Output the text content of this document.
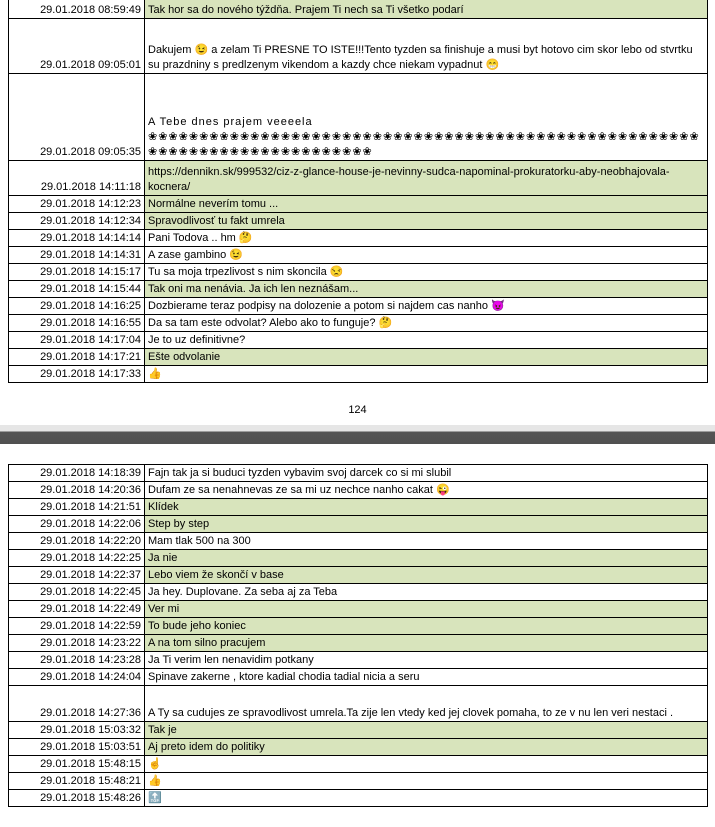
29.01.2018 08:59:49	Tak hor sa do nového týždňa. Prajem Ti nech sa Ti všetko podarí
29.01.2018 09:05:01	Dakujem 😉 a zelam Ti PRESNE TO ISTE!!!Tento tyzden sa finishuje a musi byt hotovo cim skor lebo od stvrtku su prazdniny s predlzenym vikendom a kazdy chce niekam vypadnut 😁
29.01.2018 09:05:35	A Tebe dnes prajem veeeela ❀❀❀❀❀❀❀❀❀❀❀❀❀❀❀❀❀❀❀❀❀❀❀❀❀❀❀❀❀❀❀❀❀❀❀❀❀❀❀❀❀❀❀❀❀❀❀❀❀❀❀❀❀❀❀❀❀❀❀❀❀❀❀❀❀❀❀❀❀❀❀❀❀❀❀❀
29.01.2018 14:11:18	https://dennikn.sk/999532/ciz-z-glance-house-je-nevinny-sudca-napominal-prokuratorku-aby-neobhajovala-kocnera/
29.01.2018 14:12:23	Normálne neverím tomu ...
29.01.2018 14:12:34	Spravodlivosť tu fakt umrela
29.01.2018 14:14:14	Pani Todova .. hm 🤔
29.01.2018 14:14:31	A zase gambino 😉
29.01.2018 14:15:17	Tu sa moja trpezlivost s nim skoncila 😒
29.01.2018 14:15:44	Tak oni ma nenávia. Ja ich len neznášam...
29.01.2018 14:16:25	Dozbierame teraz podpisy na dolozenie a potom si najdem cas nanho 😈
29.01.2018 14:16:55	Da sa tam este odvolat? Alebo ako to funguje? 🤔
29.01.2018 14:17:04	Je to uz definitivne?
29.01.2018 14:17:21	Ešte odvolanie
29.01.2018 14:17:33	👍
124
29.01.2018 14:18:39	Fajn tak ja si buduci tyzden vybavim svoj darcek co si mi slubil
29.01.2018 14:20:36	Dufam ze sa nenahnevas ze sa mi uz nechce nanho cakat 😜
29.01.2018 14:21:51	Klídek
29.01.2018 14:22:06	Step by step
29.01.2018 14:22:20	Mam tlak 500 na 300
29.01.2018 14:22:25	Ja nie
29.01.2018 14:22:37	Lebo viem že skončí v base
29.01.2018 14:22:45	Ja hey. Duplovane. Za seba aj za Teba
29.01.2018 14:22:49	Ver mi
29.01.2018 14:22:59	To bude jeho koniec
29.01.2018 14:23:22	A na tom silno pracujem
29.01.2018 14:23:28	Ja Ti verim len nenavidim potkany
29.01.2018 14:24:04	Spinave zakerne , ktore kadial chodia tadial nicia a seru
29.01.2018 14:27:36	A Ty sa cudujes ze spravodlivost umrela.Ta zije len vtedy ked jej clovek pomaha, to ze v nu len veri nestaci .
29.01.2018 15:03:32	Tak je
29.01.2018 15:03:51	Aj preto idem do politiky
29.01.2018 15:48:15	☝
29.01.2018 15:48:21	👍
29.01.2018 15:48:26	🔝
